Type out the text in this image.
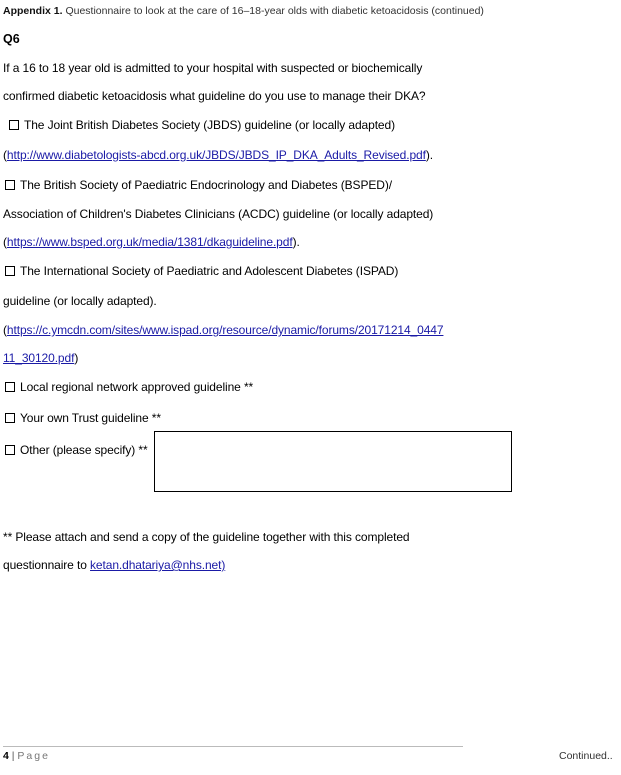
Appendix 1. Questionnaire to look at the care of 16–18-year olds with diabetic ketoacidosis (continued)
Q6
If a 16 to 18 year old is admitted to your hospital with suspected or biochemically
confirmed diabetic ketoacidosis what guideline do you use to manage their DKA?
The Joint British Diabetes Society (JBDS) guideline (or locally adapted)
(http://www.diabetologists-abcd.org.uk/JBDS/JBDS_IP_DKA_Adults_Revised.pdf).
The British Society of Paediatric Endocrinology and Diabetes (BSPED)/
Association of Children's Diabetes Clinicians (ACDC) guideline (or locally adapted)
(https://www.bsped.org.uk/media/1381/dkaguideline.pdf).
The International Society of Paediatric and Adolescent Diabetes (ISPAD)
guideline (or locally adapted).
(https://c.ymcdn.com/sites/www.ispad.org/resource/dynamic/forums/20171214_0447
11_30120.pdf)
Local regional network approved guideline **
Your own Trust guideline **
Other (please specify) **
** Please attach and send a copy of the guideline together with this completed
questionnaire to ketan.dhatariya@nhs.net)
4 | Page	Continued..
